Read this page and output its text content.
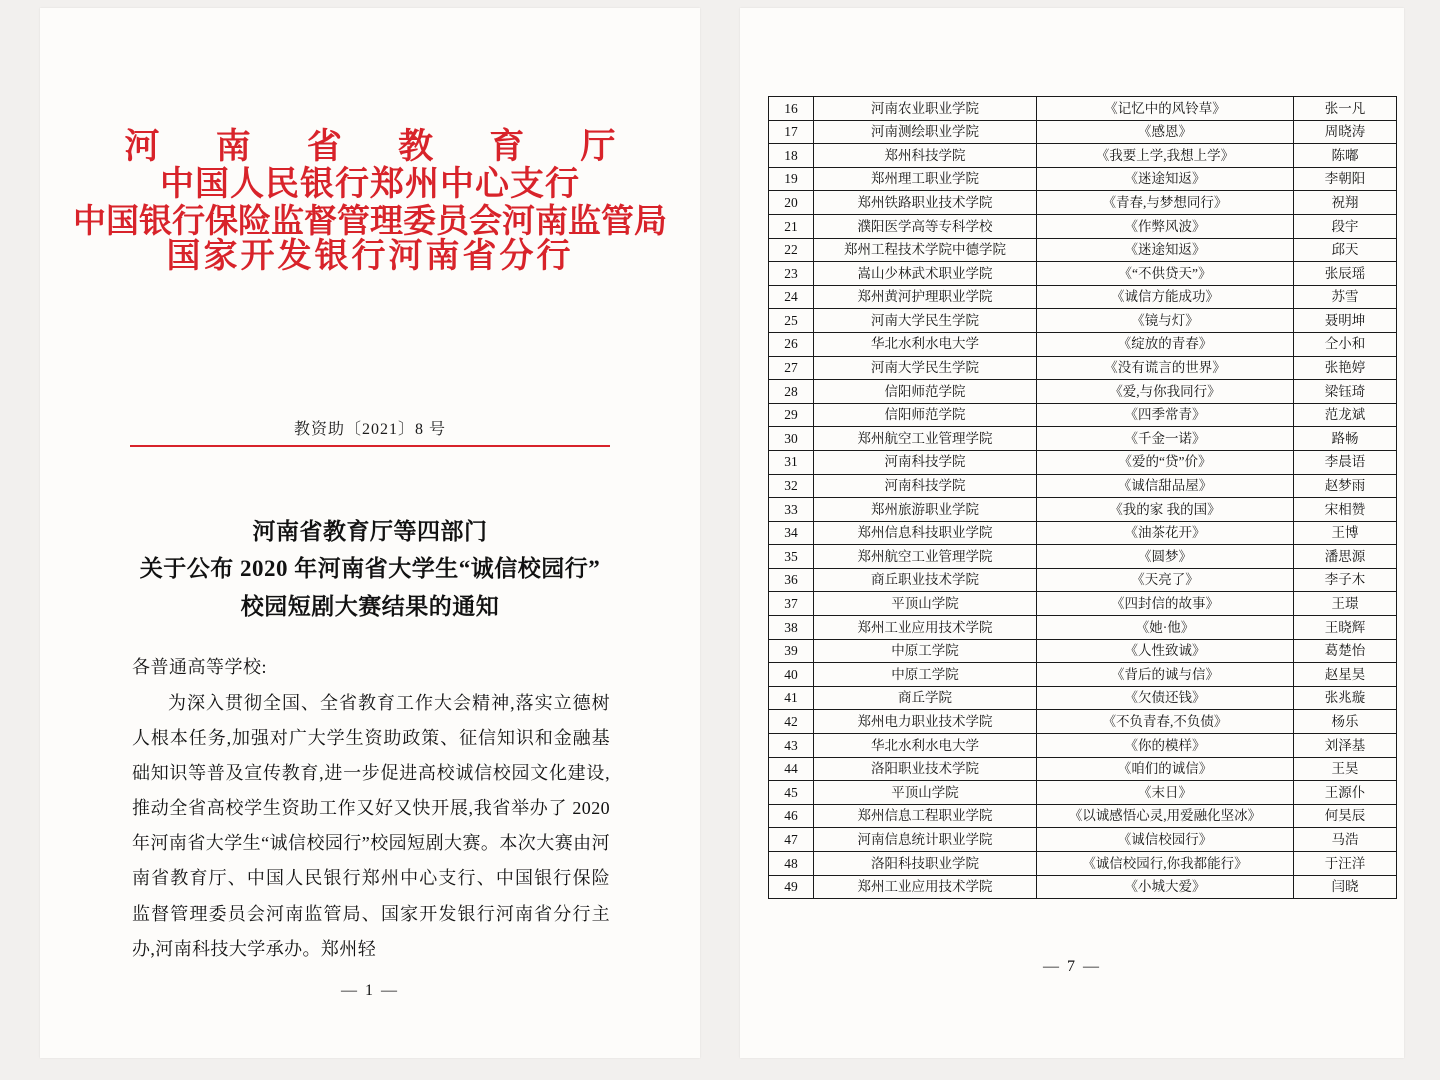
河 南 省 教 育 厅
中国人民银行郑州中心支行
中国银行保险监督管理委员会河南监管局
国家开发银行河南省分行
教资助〔2021〕8 号
河南省教育厅等四部门
关于公布 2020 年河南省大学生“诚信校园行”
校园短剧大赛结果的通知
各普通高等学校:
为深入贯彻全国、全省教育工作大会精神,落实立德树人根本任务,加强对广大学生资助政策、征信知识和金融基础知识等普及宣传教育,进一步促进高校诚信校园文化建设,推动全省高校学生资助工作又好又快开展,我省举办了 2020 年河南省大学生“诚信校园行”校园短剧大赛。本次大赛由河南省教育厅、中国人民银行郑州中心支行、中国银行保险监督管理委员会河南监管局、国家开发银行河南省分行主办,河南科技大学承办。郑州轻
— 1 —
16	河南农业职业学院	《记忆中的风铃草》	张一凡
17	河南测绘职业学院	《感恩》	周晓涛
18	郑州科技学院	《我要上学,我想上学》	陈嘟
19	郑州理工职业学院	《迷途知返》	李朝阳
20	郑州铁路职业技术学院	《青春,与梦想同行》	祝翔
21	濮阳医学高等专科学校	《作弊风波》	段宇
22	郑州工程技术学院中德学院	《迷途知返》	邱天
23	嵩山少林武术职业学院	《“不供贷天”》	张辰瑶
24	郑州黄河护理职业学院	《诚信方能成功》	苏雪
25	河南大学民生学院	《镜与灯》	聂明坤
26	华北水利水电大学	《绽放的青春》	仝小和
27	河南大学民生学院	《没有谎言的世界》	张艳婷
28	信阳师范学院	《爱,与你我同行》	梁钰琦
29	信阳师范学院	《四季常青》	范龙斌
30	郑州航空工业管理学院	《千金一诺》	路畅
31	河南科技学院	《爱的“贷”价》	李晨语
32	河南科技学院	《诚信甜品屋》	赵梦雨
33	郑州旅游职业学院	《我的家 我的国》	宋相赞
34	郑州信息科技职业学院	《油茶花开》	王博
35	郑州航空工业管理学院	《圆梦》	潘思源
36	商丘职业技术学院	《天亮了》	李子木
37	平顶山学院	《四封信的故事》	王璟
38	郑州工业应用技术学院	《她·他》	王晓辉
39	中原工学院	《人性致诚》	葛楚怡
40	中原工学院	《背后的诚与信》	赵星昊
41	商丘学院	《欠债还钱》	张兆璇
42	郑州电力职业技术学院	《不负青春,不负债》	杨乐
43	华北水利水电大学	《你的模样》	刘泽基
44	洛阳职业技术学院	《咱们的诚信》	王昊
45	平顶山学院	《末日》	王源仆
46	郑州信息工程职业学院	《以诚感悟心灵,用爱融化坚冰》	何昊辰
47	河南信息统计职业学院	《诚信校园行》	马浩
48	洛阳科技职业学院	《诚信校园行,你我都能行》	于汪洋
49	郑州工业应用技术学院	《小城大爱》	闫晓
— 7 —
